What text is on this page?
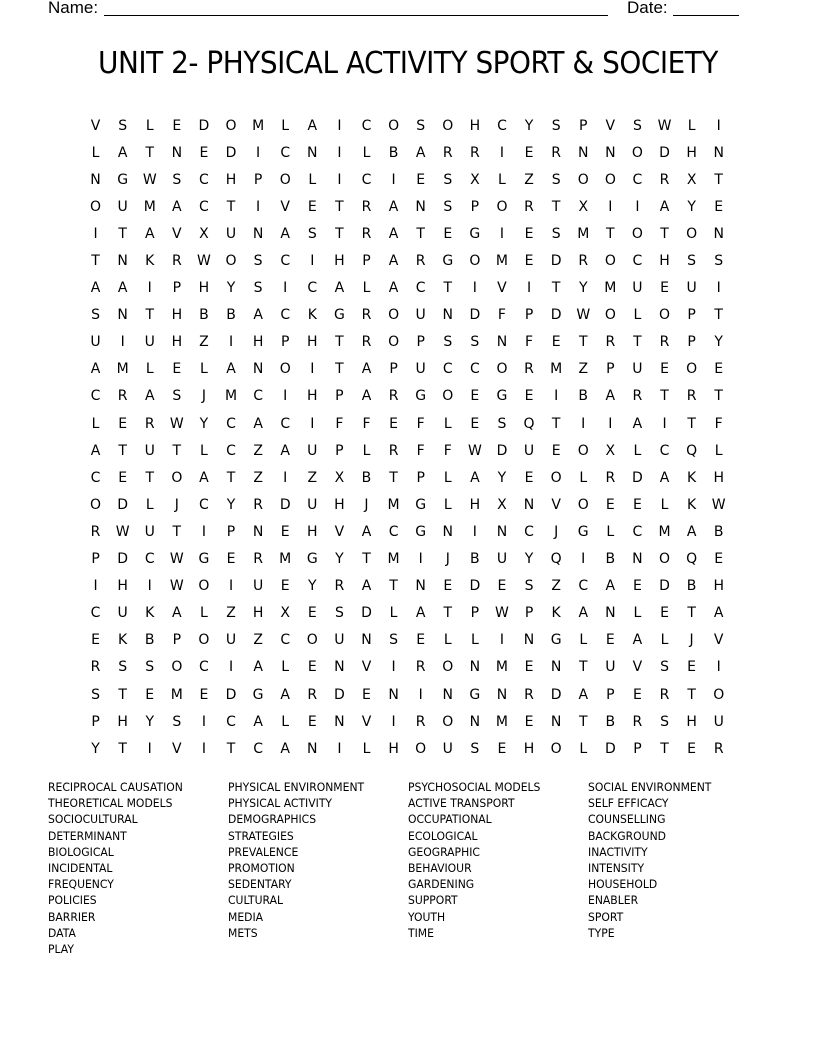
Name:	Date:
UNIT 2- PHYSICAL ACTIVITY SPORT & SOCIETY
V	S	L	E	D	O	M	L	A	I	C	O	S	O	H	C	Y	S	P	V	S	W	L	I
L	A	T	N	E	D	I	C	N	I	L	B	A	R	R	I	E	R	N	N	O	D	H	N
N	G	W	S	C	H	P	O	L	I	C	I	E	S	X	L	Z	S	O	O	C	R	X	T
O	U	M	A	C	T	I	V	E	T	R	A	N	S	P	O	R	T	X	I	I	A	Y	E
I	T	A	V	X	U	N	A	S	T	R	A	T	E	G	I	E	S	M	T	O	T	O	N
T	N	K	R	W	O	S	C	I	H	P	A	R	G	O	M	E	D	R	O	C	H	S	S
A	A	I	P	H	Y	S	I	C	A	L	A	C	T	I	V	I	T	Y	M	U	E	U	I
S	N	T	H	B	B	A	C	K	G	R	O	U	N	D	F	P	D	W	O	L	O	P	T
U	I	U	H	Z	I	H	P	H	T	R	O	P	S	S	N	F	E	T	R	T	R	P	Y
A	M	L	E	L	A	N	O	I	T	A	P	U	C	C	O	R	M	Z	P	U	E	O	E
C	R	A	S	J	M	C	I	H	P	A	R	G	O	E	G	E	I	B	A	R	T	R	T
L	E	R	W	Y	C	A	C	I	F	F	E	F	L	E	S	Q	T	I	I	A	I	T	F
A	T	U	T	L	C	Z	A	U	P	L	R	F	F	W	D	U	E	O	X	L	C	Q	L
C	E	T	O	A	T	Z	I	Z	X	B	T	P	L	A	Y	E	O	L	R	D	A	K	H
O	D	L	J	C	Y	R	D	U	H	J	M	G	L	H	X	N	V	O	E	E	L	K	W
R	W	U	T	I	P	N	E	H	V	A	C	G	N	I	N	C	J	G	L	C	M	A	B
P	D	C	W	G	E	R	M	G	Y	T	M	I	J	B	U	Y	Q	I	B	N	O	Q	E
I	H	I	W	O	I	U	E	Y	R	A	T	N	E	D	E	S	Z	C	A	E	D	B	H
C	U	K	A	L	Z	H	X	E	S	D	L	A	T	P	W	P	K	A	N	L	E	T	A
E	K	B	P	O	U	Z	C	O	U	N	S	E	L	L	I	N	G	L	E	A	L	J	V
R	S	S	O	C	I	A	L	E	N	V	I	R	O	N	M	E	N	T	U	V	S	E	I
S	T	E	M	E	D	G	A	R	D	E	N	I	N	G	N	R	D	A	P	E	R	T	O
P	H	Y	S	I	C	A	L	E	N	V	I	R	O	N	M	E	N	T	B	R	S	H	U
Y	T	I	V	I	T	C	A	N	I	L	H	O	U	S	E	H	O	L	D	P	T	E	R
RECIPROCAL CAUSATION
THEORETICAL MODELS
SOCIOCULTURAL
DETERMINANT
BIOLOGICAL
INCIDENTAL
FREQUENCY
POLICIES
BARRIER
DATA
PLAY
PHYSICAL ENVIRONMENT
PHYSICAL ACTIVITY
DEMOGRAPHICS
STRATEGIES
PREVALENCE
PROMOTION
SEDENTARY
CULTURAL
MEDIA
METS
PSYCHOSOCIAL MODELS
ACTIVE TRANSPORT
OCCUPATIONAL
ECOLOGICAL
GEOGRAPHIC
BEHAVIOUR
GARDENING
SUPPORT
YOUTH
TIME
SOCIAL ENVIRONMENT
SELF EFFICACY
COUNSELLING
BACKGROUND
INACTIVITY
INTENSITY
HOUSEHOLD
ENABLER
SPORT
TYPE
